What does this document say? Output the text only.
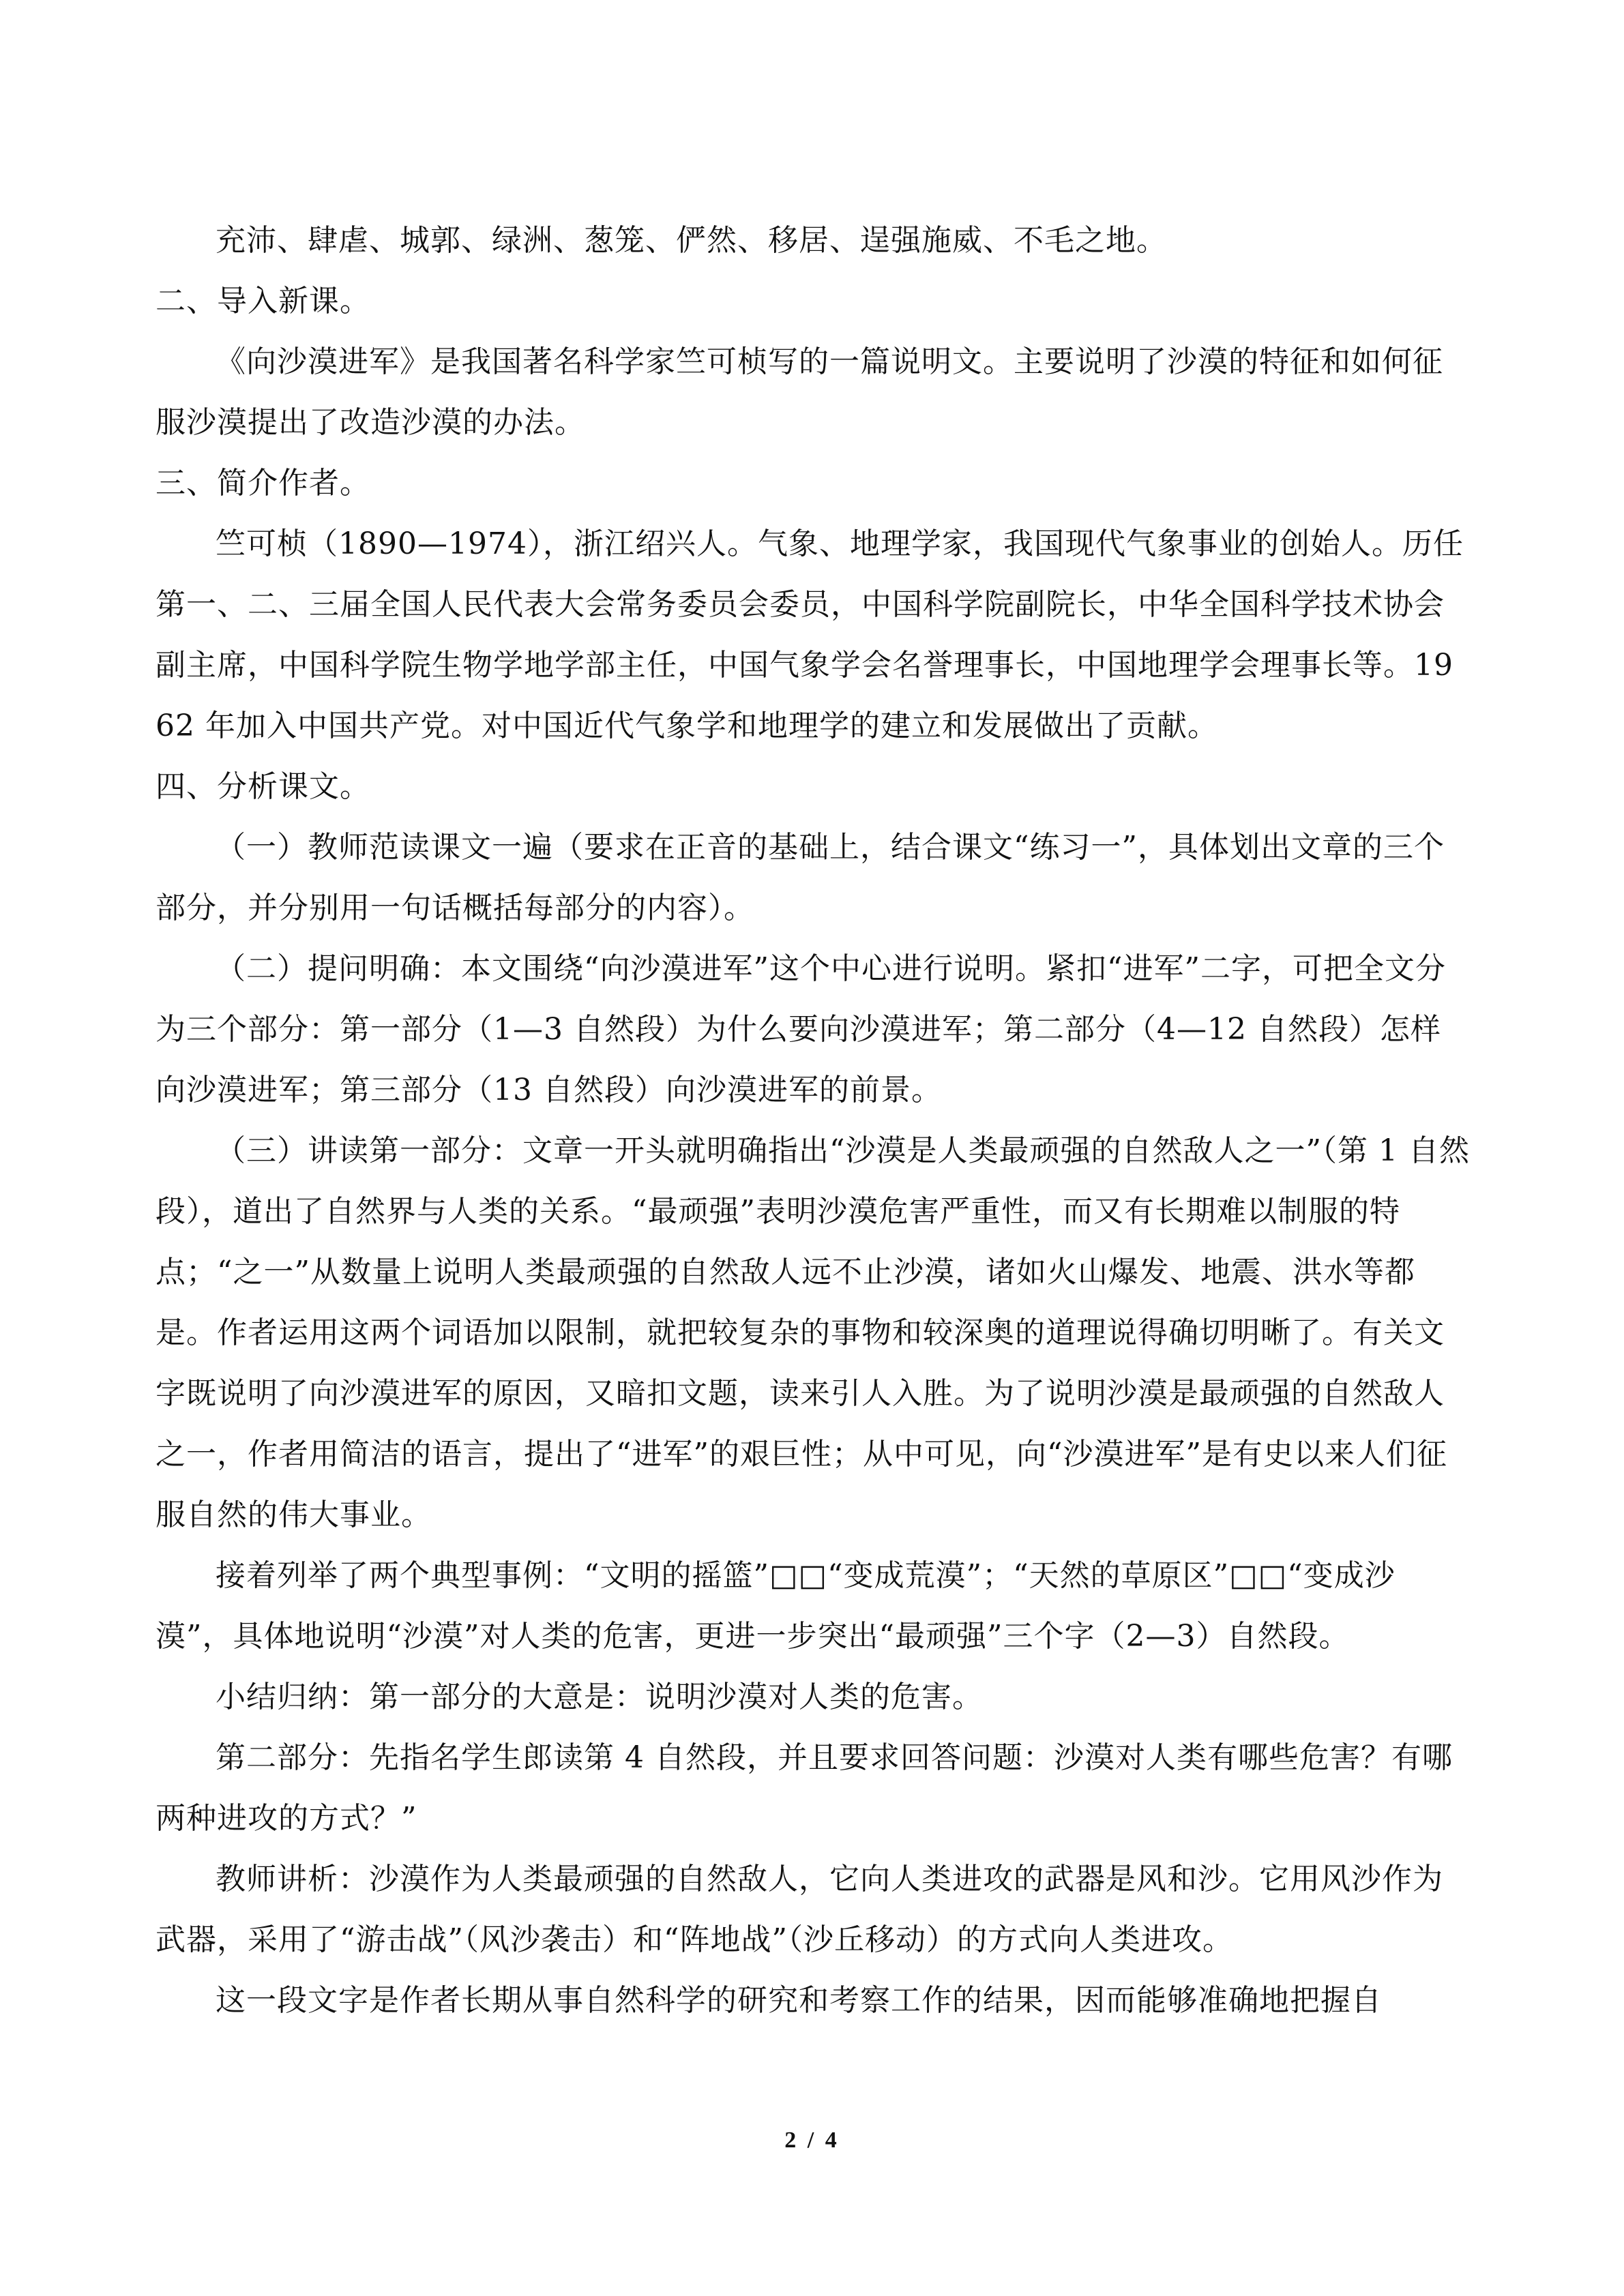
充沛、肆虐、城郭、绿洲、葱笼、俨然、移居、逞强施威、不毛之地。

二、导入新课。

《向沙漠进军》是我国著名科学家竺可桢写的一篇说明文。主要说明了沙漠的特征和如何征服沙漠提出了改造沙漠的办法。

三、简介作者。

竺可桢（1890—1974），浙江绍兴人。气象、地理学家，我国现代气象事业的创始人。历任第一、二、三届全国人民代表大会常务委员会委员，中国科学院副院长，中华全国科学技术协会副主席，中国科学院生物学地学部主任，中国气象学会名誉理事长，中国地理学会理事长等。1962 年加入中国共产党。对中国近代气象学和地理学的建立和发展做出了贡献。

四、分析课文。

（一）教师范读课文一遍（要求在正音的基础上，结合课文“练习一”，具体划出文章的三个部分，并分别用一句话概括每部分的内容）。

（二）提问明确：本文围绕“向沙漠进军”这个中心进行说明。紧扣“进军”二字，可把全文分为三个部分：第一部分（1—3 自然段）为什么要向沙漠进军；第二部分（4—12 自然段）怎样向沙漠进军；第三部分（13 自然段）向沙漠进军的前景。

（三）讲读第一部分：文章一开头就明确指出“沙漠是人类最顽强的自然敌人之一”（第 1 自然段），道出了自然界与人类的关系。“最顽强”表明沙漠危害严重性，而又有长期难以制服的特点；“之一”从数量上说明人类最顽强的自然敌人远不止沙漠，诸如火山爆发、地震、洪水等都是。作者运用这两个词语加以限制，就把较复杂的事物和较深奥的道理说得确切明晰了。有关文字既说明了向沙漠进军的原因，又暗扣文题，读来引人入胜。为了说明沙漠是最顽强的自然敌人之一，作者用简洁的语言，提出了“进军”的艰巨性；从中可见，向“沙漠进军”是有史以来人们征服自然的伟大事业。

接着列举了两个典型事例：“文明的摇篮”□□“变成荒漠”；“天然的草原区”□□“变成沙漠”，具体地说明“沙漠”对人类的危害，更进一步突出“最顽强”三个字（2—3）自然段。

小结归纳：第一部分的大意是：说明沙漠对人类的危害。

第二部分：先指名学生郎读第 4 自然段，并且要求回答问题：沙漠对人类有哪些危害？有哪两种进攻的方式？”

教师讲析：沙漠作为人类最顽强的自然敌人，它向人类进攻的武器是风和沙。它用风沙作为武器，采用了“游击战”（风沙袭击）和“阵地战”（沙丘移动）的方式向人类进攻。

这一段文字是作者长期从事自然科学的研究和考察工作的结果，因而能够准确地把握自

2 / 4
